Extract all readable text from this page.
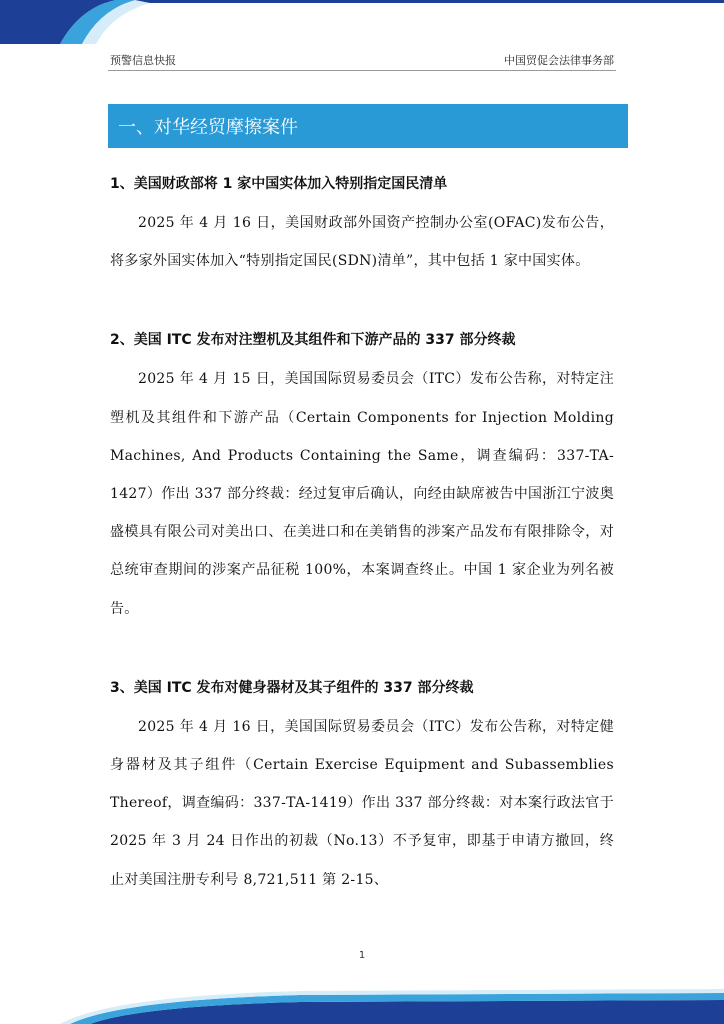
预警信息快报	中国贸促会法律事务部
一、对华经贸摩擦案件
1、美国财政部将 1 家中国实体加入特别指定国民清单

2025 年 4 月 16 日，美国财政部外国资产控制办公室(OFAC)发布公告，将多家外国实体加入“特别指定国民(SDN)清单”，其中包括 1 家中国实体。

2、美国 ITC 发布对注塑机及其组件和下游产品的 337 部分终裁

2025 年 4 月 15 日，美国国际贸易委员会（ITC）发布公告称，对特定注塑机及其组件和下游产品（Certain Components for Injection Molding Machines, And Products Containing the Same，调查编码：337-TA-1427）作出 337 部分终裁：经过复审后确认，向经由缺席被告中国浙江宁波奥盛模具有限公司对美出口、在美进口和在美销售的涉案产品发布有限排除令，对总统审查期间的涉案产品征税 100%，本案调查终止。中国 1 家企业为列名被告。

3、美国 ITC 发布对健身器材及其子组件的 337 部分终裁

2025 年 4 月 16 日，美国国际贸易委员会（ITC）发布公告称，对特定健身器材及其子组件（Certain Exercise Equipment and Subassemblies Thereof，调查编码：337-TA-1419）作出 337 部分终裁：对本案行政法官于 2025 年 3 月 24 日作出的初裁（No.13）不予复审，即基于申请方撤回，终止对美国注册专利号 8,721,511 第 2-15、

1
